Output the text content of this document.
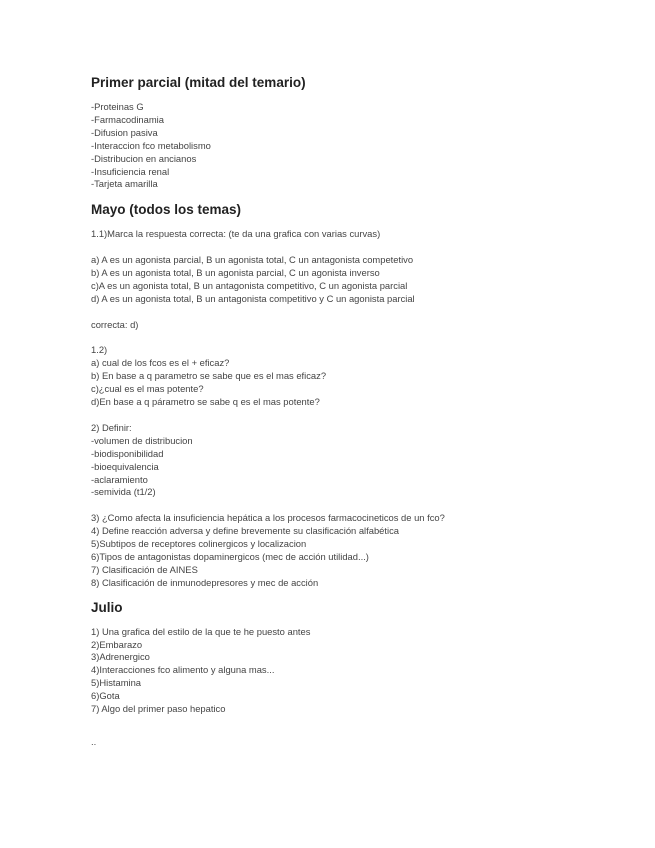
Primer parcial (mitad del temario)
-Proteinas G
-Farmacodinamia
-Difusion pasiva
-Interaccion fco metabolismo
-Distribucion en ancianos
-Insuficiencia renal
-Tarjeta amarilla
Mayo (todos los temas)
1.1)Marca la respuesta correcta: (te da una grafica con varias curvas)
a) A es un agonista parcial, B un agonista total, C un antagonista competetivo
b) A es un agonista total, B un agonista parcial, C un agonista inverso
c)A es un agonista total, B un antagonista competitivo, C un agonista parcial
d) A es un agonista total, B un antagonista competitivo y C un agonista parcial
correcta: d)
1.2)
a) cual de los fcos es el + eficaz?
b) En base a q parametro se sabe que es el mas eficaz?
c)¿cual es el mas potente?
d)En base a q párametro se sabe q es el mas potente?
2) Definir:
-volumen de distribucion
-biodisponibilidad
-bioequivalencia
-aclaramiento
-semivida (t1/2)
3) ¿Como afecta la insuficiencia hepática a los procesos farmacocineticos de un fco?
4) Define reacción adversa y define brevemente su clasificación alfabética
5)Subtipos de receptores colinergicos y localizacion
6)Tipos de antagonistas dopaminergicos (mec de acción utilidad...)
7) Clasificación de AINES
8) Clasificación de inmunodepresores y mec de acción
Julio
1) Una grafica del estilo de la que te he puesto antes
2)Embarazo
3)Adrenergico
4)Interacciones fco alimento y alguna mas...
5)Histamina
6)Gota
7) Algo del primer paso hepatico
..
